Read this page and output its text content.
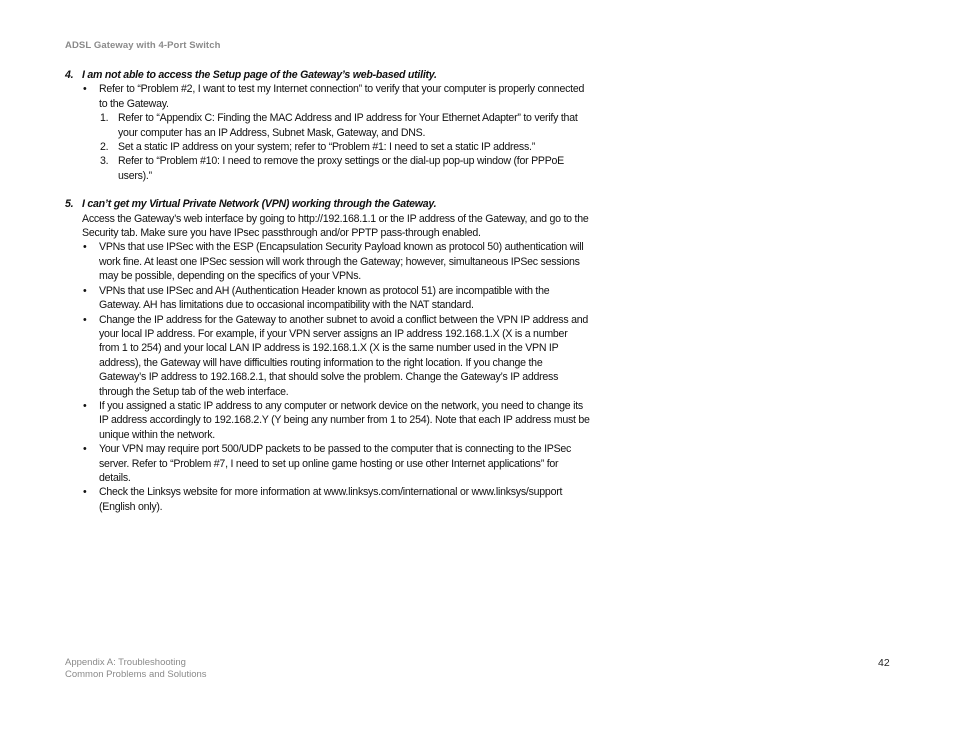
ADSL Gateway with 4-Port Switch
4. I am not able to access the Setup page of the Gateway’s web-based utility.
• Refer to “Problem #2, I want to test my Internet connection” to verify that your computer is properly connected to the Gateway.
1. Refer to “Appendix C: Finding the MAC Address and IP address for Your Ethernet Adapter” to verify that your computer has an IP Address, Subnet Mask, Gateway, and DNS.
2. Set a static IP address on your system; refer to “Problem #1: I need to set a static IP address.”
3. Refer to “Problem #10: I need to remove the proxy settings or the dial-up pop-up window (for PPPoE users).”
5. I can’t get my Virtual Private Network (VPN) working through the Gateway.
Access the Gateway’s web interface by going to http://192.168.1.1 or the IP address of the Gateway, and go to the Security tab. Make sure you have IPsec passthrough and/or PPTP pass-through enabled.
• VPNs that use IPSec with the ESP (Encapsulation Security Payload known as protocol 50) authentication will work fine. At least one IPSec session will work through the Gateway; however, simultaneous IPSec sessions may be possible, depending on the specifics of your VPNs.
• VPNs that use IPSec and AH (Authentication Header known as protocol 51) are incompatible with the Gateway. AH has limitations due to occasional incompatibility with the NAT standard.
• Change the IP address for the Gateway to another subnet to avoid a conflict between the VPN IP address and your local IP address. For example, if your VPN server assigns an IP address 192.168.1.X (X is a number from 1 to 254) and your local LAN IP address is 192.168.1.X (X is the same number used in the VPN IP address), the Gateway will have difficulties routing information to the right location. If you change the Gateway’s IP address to 192.168.2.1, that should solve the problem. Change the Gateway’s IP address through the Setup tab of the web interface.
• If you assigned a static IP address to any computer or network device on the network, you need to change its IP address accordingly to 192.168.2.Y (Y being any number from 1 to 254). Note that each IP address must be unique within the network.
• Your VPN may require port 500/UDP packets to be passed to the computer that is connecting to the IPSec server. Refer to “Problem #7, I need to set up online game hosting or use other Internet applications” for details.
• Check the Linksys website for more information at www.linksys.com/international or www.linksys/support (English only).
Appendix A: Troubleshooting
Common Problems and Solutions
42
